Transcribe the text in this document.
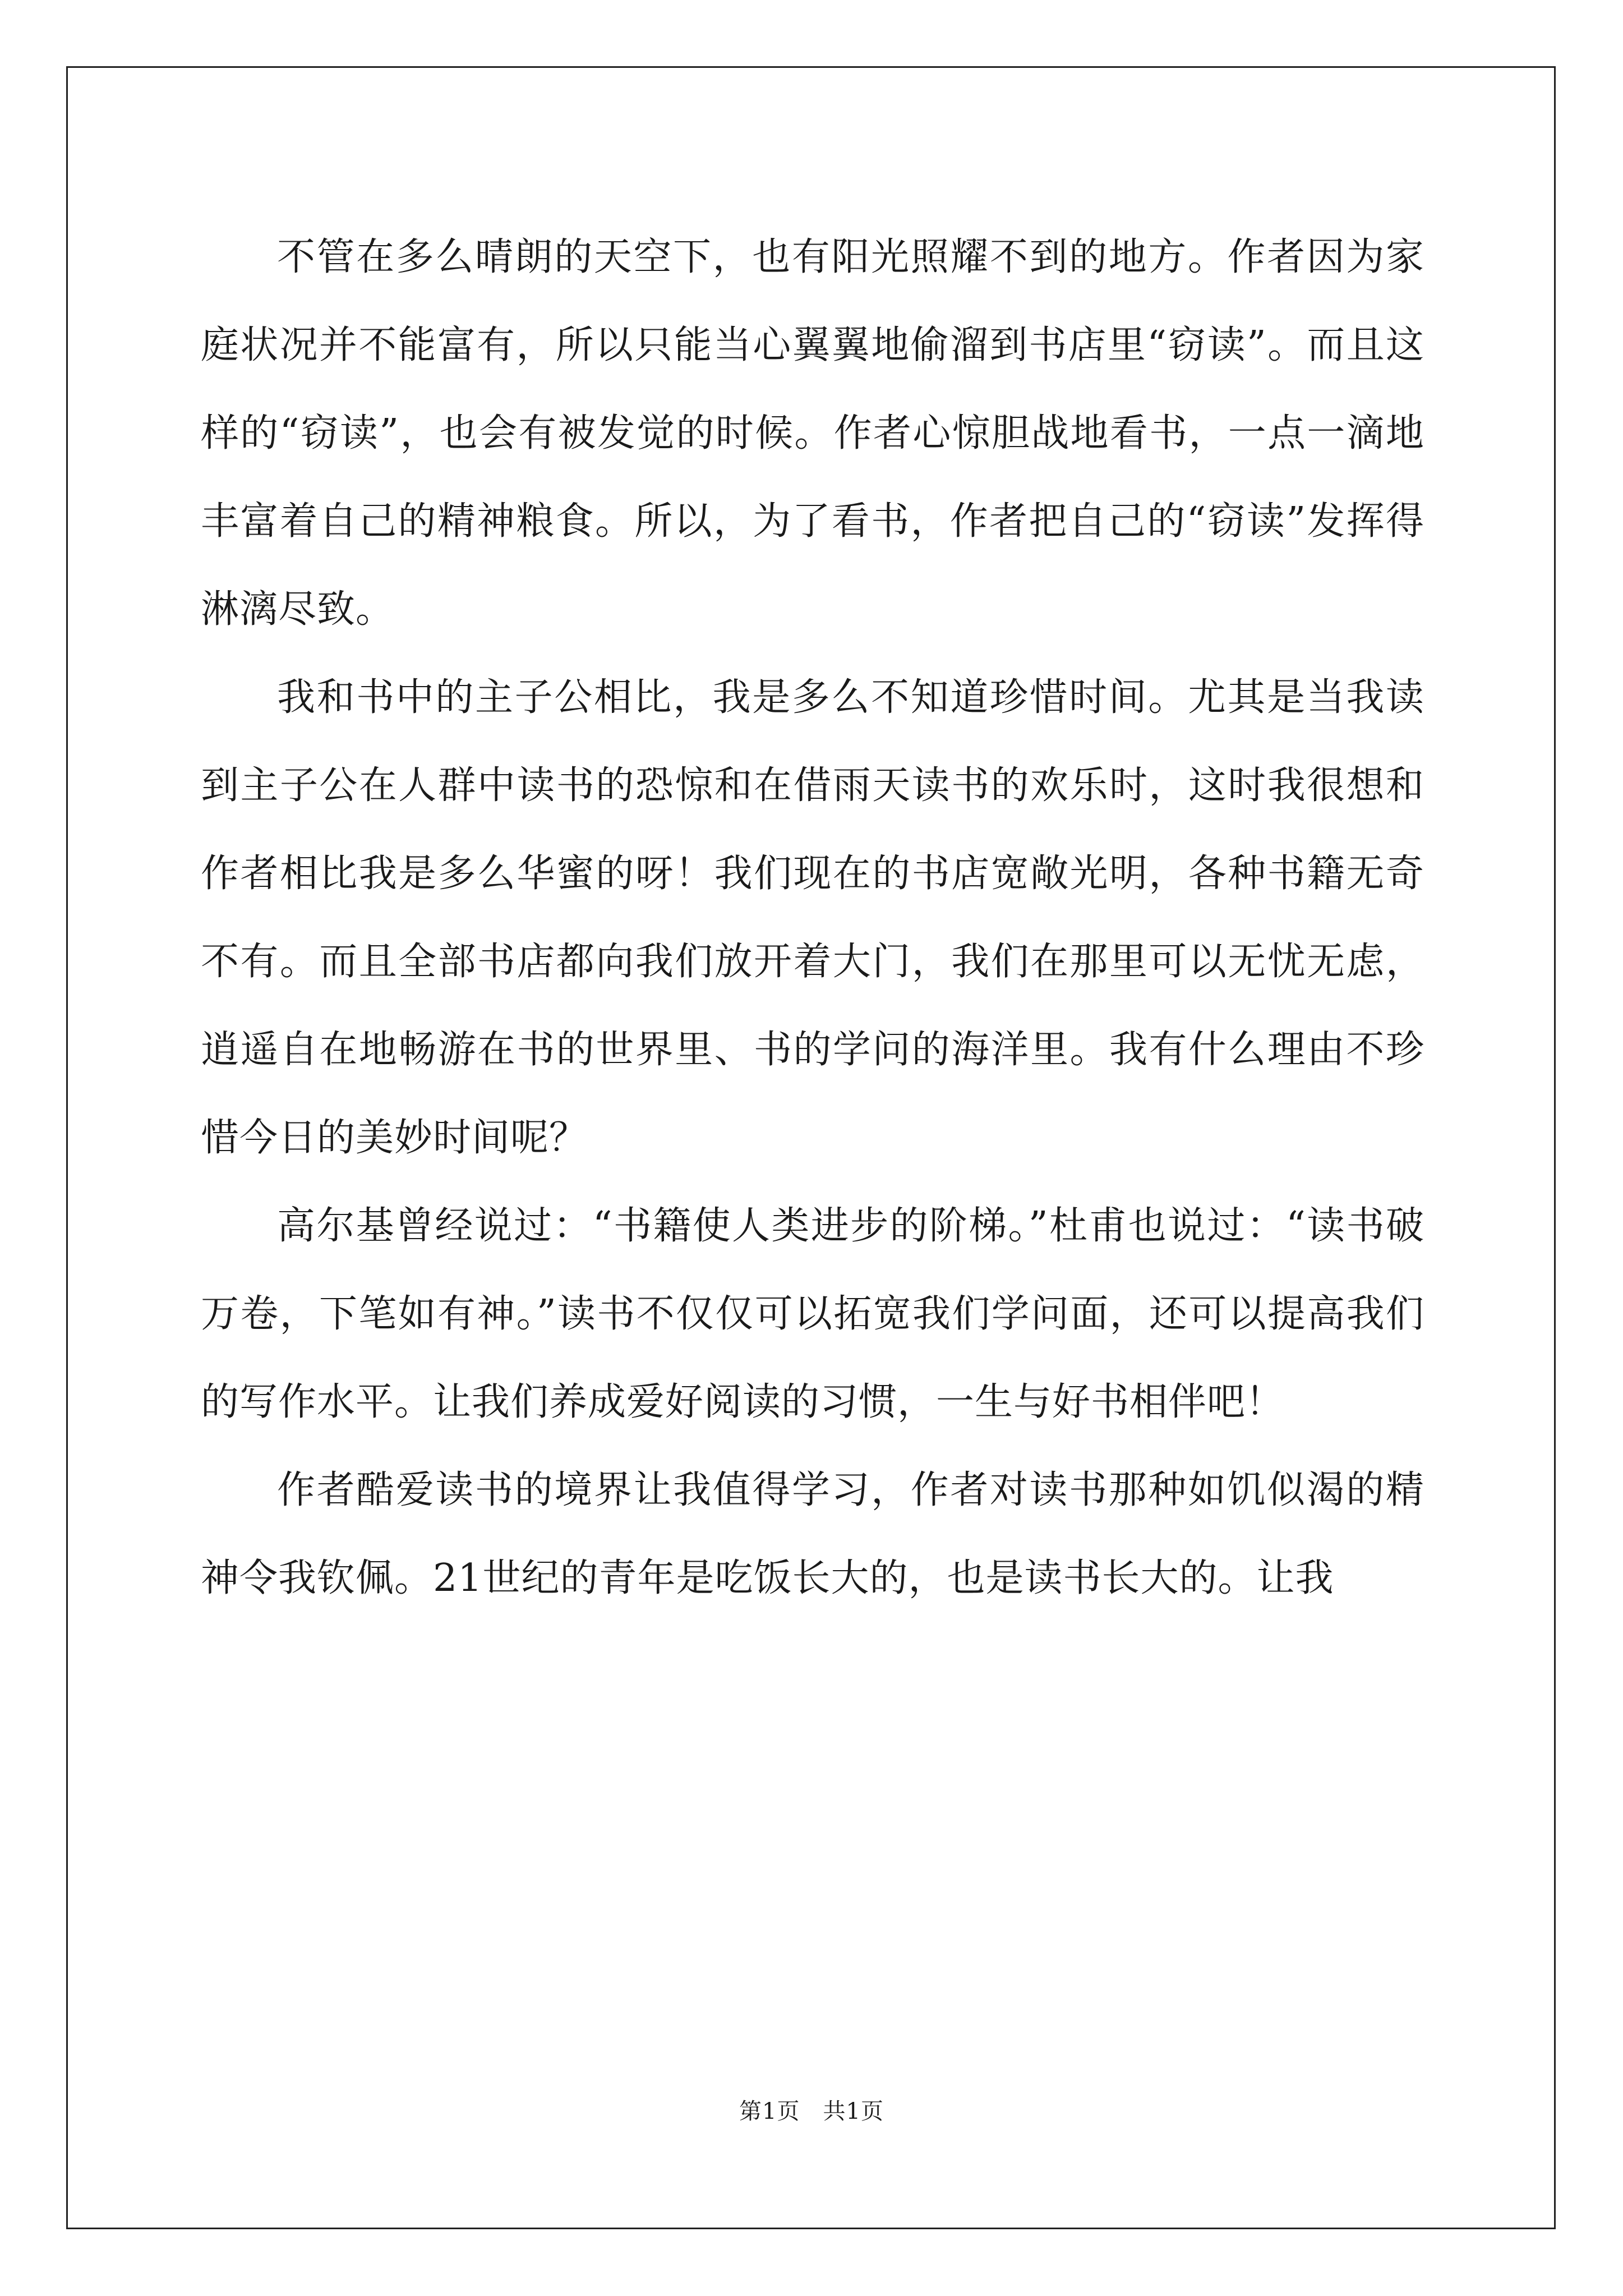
不管在多么晴朗的天空下，也有阳光照耀不到的地方。作者因为家庭状况并不能富有，所以只能当心翼翼地偷溜到书店里“窃读”。而且这样的“窃读”，也会有被发觉的时候。作者心惊胆战地看书，一点一滴地丰富着自己的精神粮食。所以，为了看书，作者把自己的“窃读”发挥得淋漓尽致。

我和书中的主子公相比，我是多么不知道珍惜时间。尤其是当我读到主子公在人群中读书的恐惊和在借雨天读书的欢乐时，这时我很想和作者相比我是多么华蜜的呀！我们现在的书店宽敞光明，各种书籍无奇不有。而且全部书店都向我们放开着大门，我们在那里可以无忧无虑，逍遥自在地畅游在书的世界里、书的学问的海洋里。我有什么理由不珍惜今日的美妙时间呢？

高尔基曾经说过：“书籍使人类进步的阶梯。”杜甫也说过：“读书破万卷，下笔如有神。”读书不仅仅可以拓宽我们学问面，还可以提高我们的写作水平。让我们养成爱好阅读的习惯，一生与好书相伴吧！

作者酷爱读书的境界让我值得学习，作者对读书那种如饥似渴的精神令我钦佩。21世纪的青年是吃饭长大的，也是读书长大的。让我

第1页　共1页
